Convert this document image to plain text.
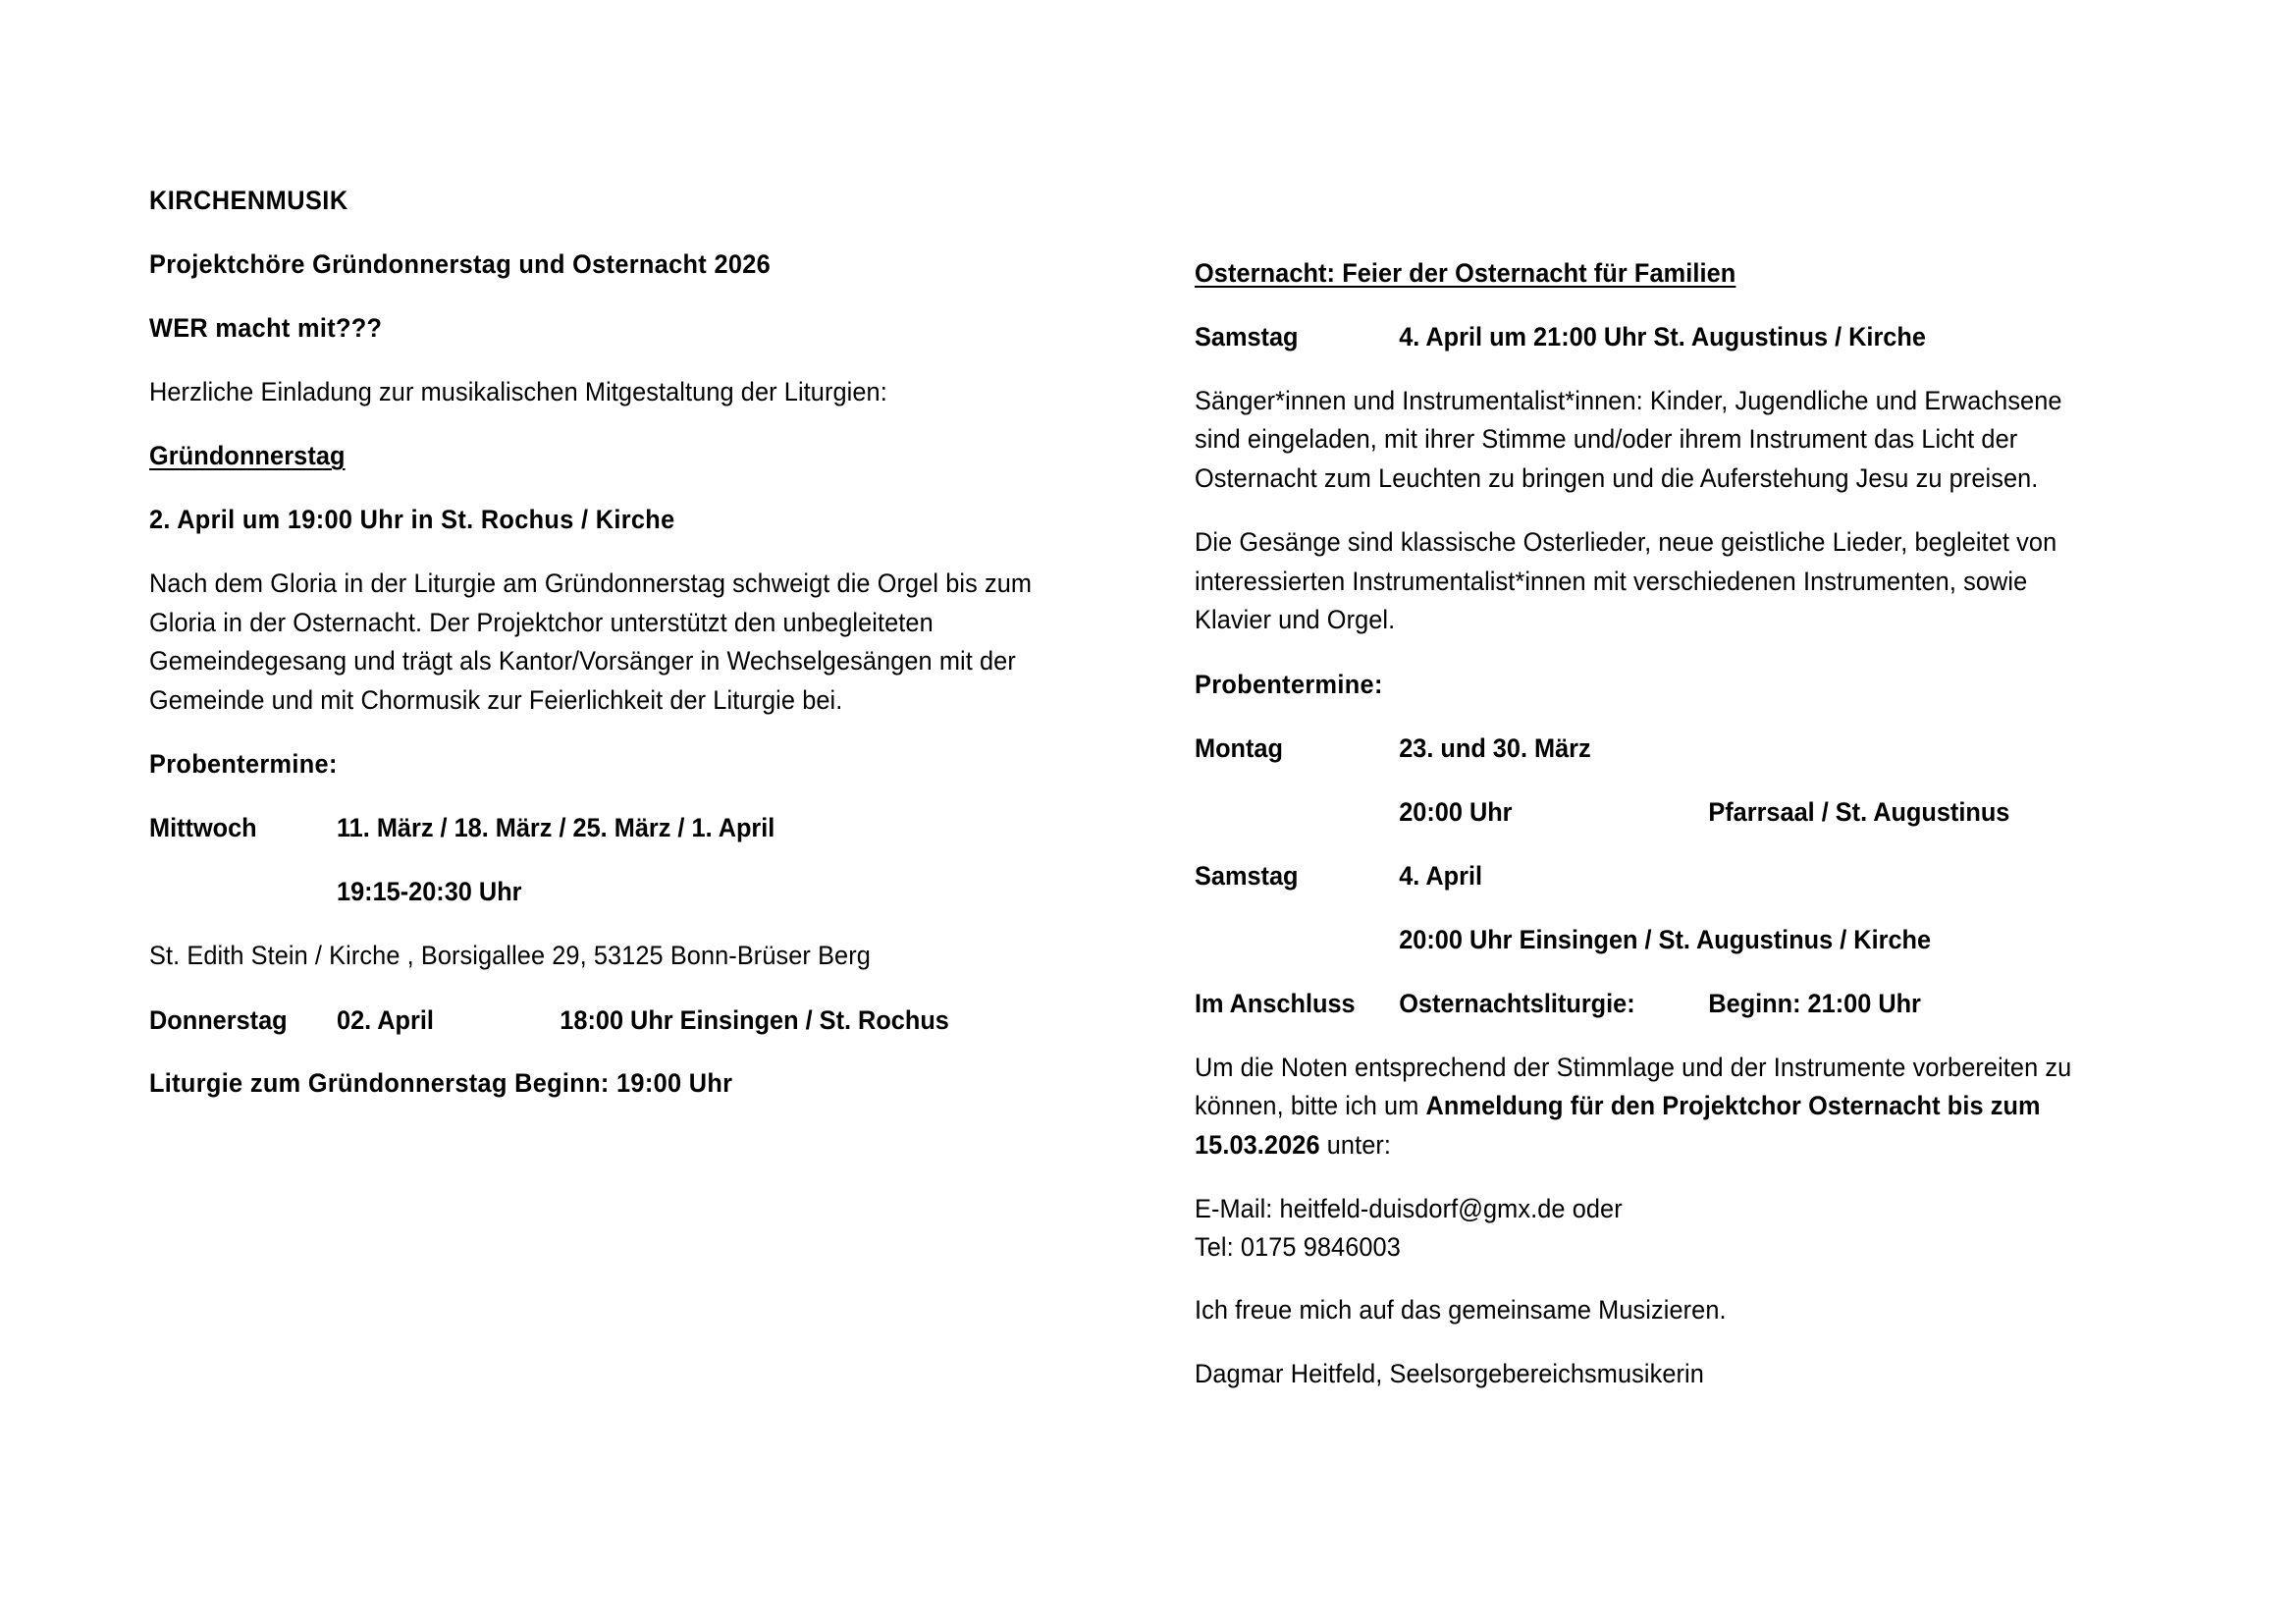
KIRCHENMUSIK

Projektchöre Gründonnerstag und Osternacht 2026

WER macht mit???

Herzliche Einladung zur musikalischen Mitgestaltung der Liturgien:

Gründonnerstag

2. April um 19:00 Uhr in St. Rochus / Kirche

Nach dem Gloria in der Liturgie am Gründonnerstag schweigt die Orgel bis zum Gloria in der Osternacht. Der Projektchor unterstützt den unbegleiteten Gemeindegesang und trägt als Kantor/Vorsänger in Wechselgesängen mit der Gemeinde und mit Chormusik zur Feierlichkeit der Liturgie bei.

Probentermine:

Mittwoch	11. März / 18. März / 25. März / 1. April
19:15-20:30 Uhr

St. Edith Stein / Kirche , Borsigallee 29, 53125 Bonn-Brüser Berg

Donnerstag	02. April	18:00 Uhr Einsingen / St. Rochus

Liturgie zum Gründonnerstag Beginn: 19:00 Uhr

Osternacht: Feier der Osternacht für Familien

Samstag	4. April um 21:00 Uhr St. Augustinus / Kirche

Sänger*innen und Instrumentalist*innen: Kinder, Jugendliche und Erwachsene sind eingeladen, mit ihrer Stimme und/oder ihrem Instrument das Licht der Osternacht zum Leuchten zu bringen und die Auferstehung Jesu zu preisen.

Die Gesänge sind klassische Osterlieder, neue geistliche Lieder, begleitet von interessierten Instrumentalist*innen mit verschiedenen Instrumenten, sowie Klavier und Orgel.

Probentermine:

Montag	23. und 30. März
20:00 Uhr	Pfarrsaal / St. Augustinus
Samstag	4. April
20:00 Uhr Einsingen / St. Augustinus / Kirche
Im Anschluss	Osternachtsliturgie:	Beginn: 21:00 Uhr

Um die Noten entsprechend der Stimmlage und der Instrumente vorbereiten zu können, bitte ich um Anmeldung für den Projektchor Osternacht bis zum 15.03.2026 unter:

E-Mail: heitfeld-duisdorf@gmx.de oder
Tel: 0175 9846003

Ich freue mich auf das gemeinsame Musizieren.

Dagmar Heitfeld, Seelsorgebereichsmusikerin
